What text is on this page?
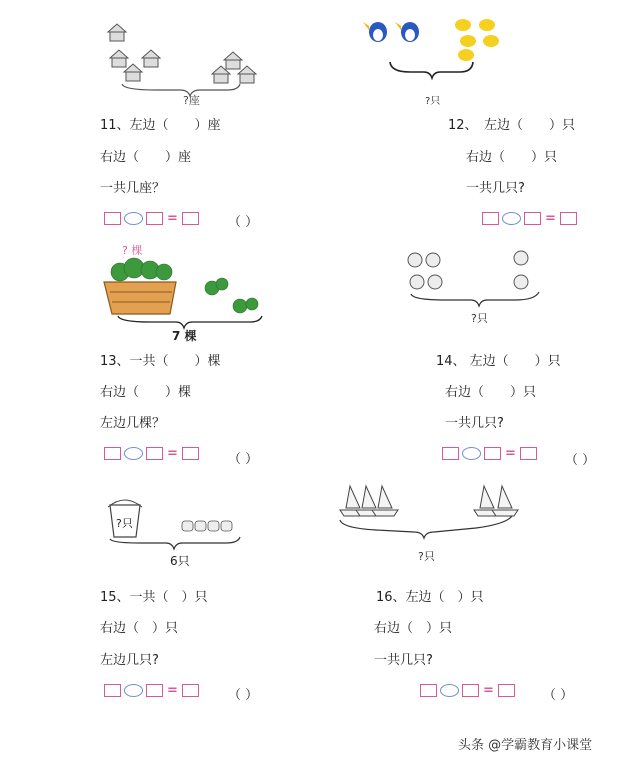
?座
11、左边（　　）座
右边（　　）座
一共几座？
=	（ ）
?只
12、　左边（　　）只
右边（　　）只
一共几只?
=
? 棵
7 棵
13、一共（　　）棵
右边（　　）棵
左边几棵？
=	（ ）
?只
14、 左边（　　）只
右边（　　）只
一共几只?
=	（ ）
?只
6只
15、一共（　）只
右边（　）只
左边几只?
=	（ ）
?只
16、左边（　）只
右边（　）只
一共几只?
=	（ ）
头条 @学霸教育小课堂
